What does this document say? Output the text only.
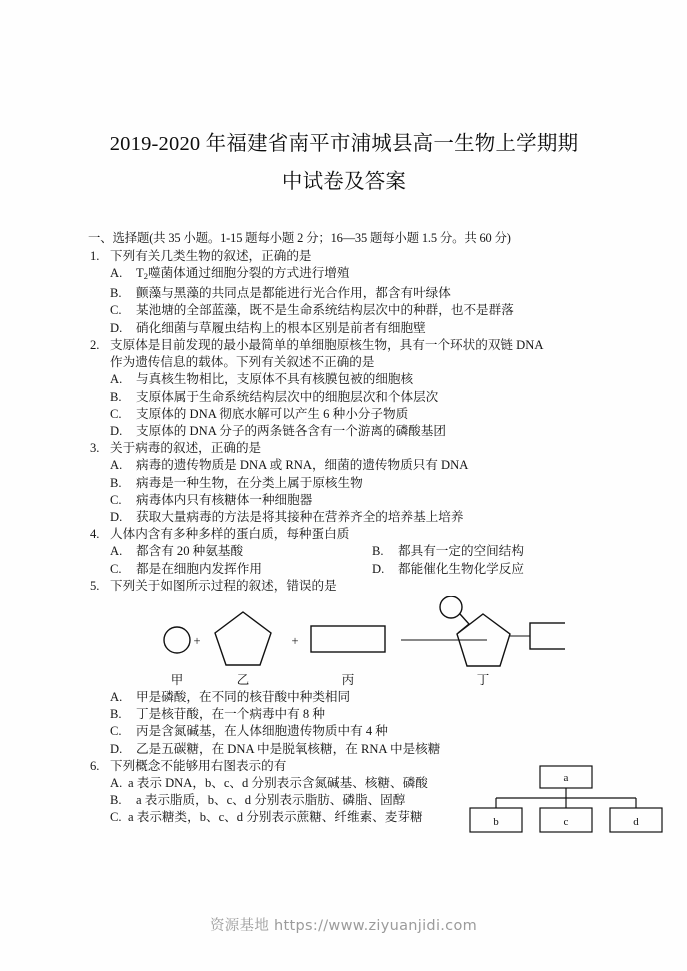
2019-2020 年福建省南平市浦城县高一生物上学期期
中试卷及答案
一、选择题(共 35 小题。1-15 题每小题 2 分；16—35 题每小题 1.5 分。共 60 分)
1. 下列有关几类生物的叙述，正确的是
A.	$T_2$噬菌体通过细胞分裂的方式进行增殖
B.	颤藻与黑藻的共同点是都能进行光合作用，都含有叶绿体
C.	某池塘的全部蓝藻，既不是生命系统结构层次中的种群，也不是群落
D.	硝化细菌与草履虫结构上的根本区别是前者有细胞壁
2. 支原体是目前发现的最小最简单的单细胞原核生物，具有一个环状的双链 DNA
作为遗传信息的载体。下列有关叙述不正确的是
A.	与真核生物相比，支原体不具有核膜包被的细胞核
B.	支原体属于生命系统结构层次中的细胞层次和个体层次
C.	支原体的 DNA 彻底水解可以产生 6 种小分子物质
D.	支原体的 DNA 分子的两条链各含有一个游离的磷酸基团
3. 关于病毒的叙述，正确的是
A.	病毒的遗传物质是 DNA 或 RNA，细菌的遗传物质只有 DNA
B.	病毒是一种生物，在分类上属于原核生物
C.	病毒体内只有核糖体一种细胞器
D.	获取大量病毒的方法是将其接种在营养齐全的培养基上培养
4. 人体内含有多种多样的蛋白质，每种蛋白质
A.	都含有 20 种氨基酸	B.	都具有一定的空间结构
C.	都是在细胞内发挥作用	D.	都能催化生物化学反应
5. 下列关于如图所示过程的叙述，错误的是
A.	甲是磷酸，在不同的核苷酸中种类相同
B.	丁是核苷酸，在一个病毒中有 8 种
C.	丙是含氮碱基，在人体细胞遗传物质中有 4 种
D.	乙是五碳糖，在 DNA 中是脱氧核糖，在 RNA 中是核糖
6. 下列概念不能够用右图表示的有
A. a 表示 DNA，b、c、d 分别表示含氮碱基、核糖、磷酸
B.	a 表示脂质，b、c、d 分别表示脂肪、磷脂、固醇
C. a 表示糖类，b、c、d 分别表示蔗糖、纤维素、麦芽糖
+	+
甲	乙	丙	丁
a
b	c	d
资源基地 https://www.ziyuanjidi.com
